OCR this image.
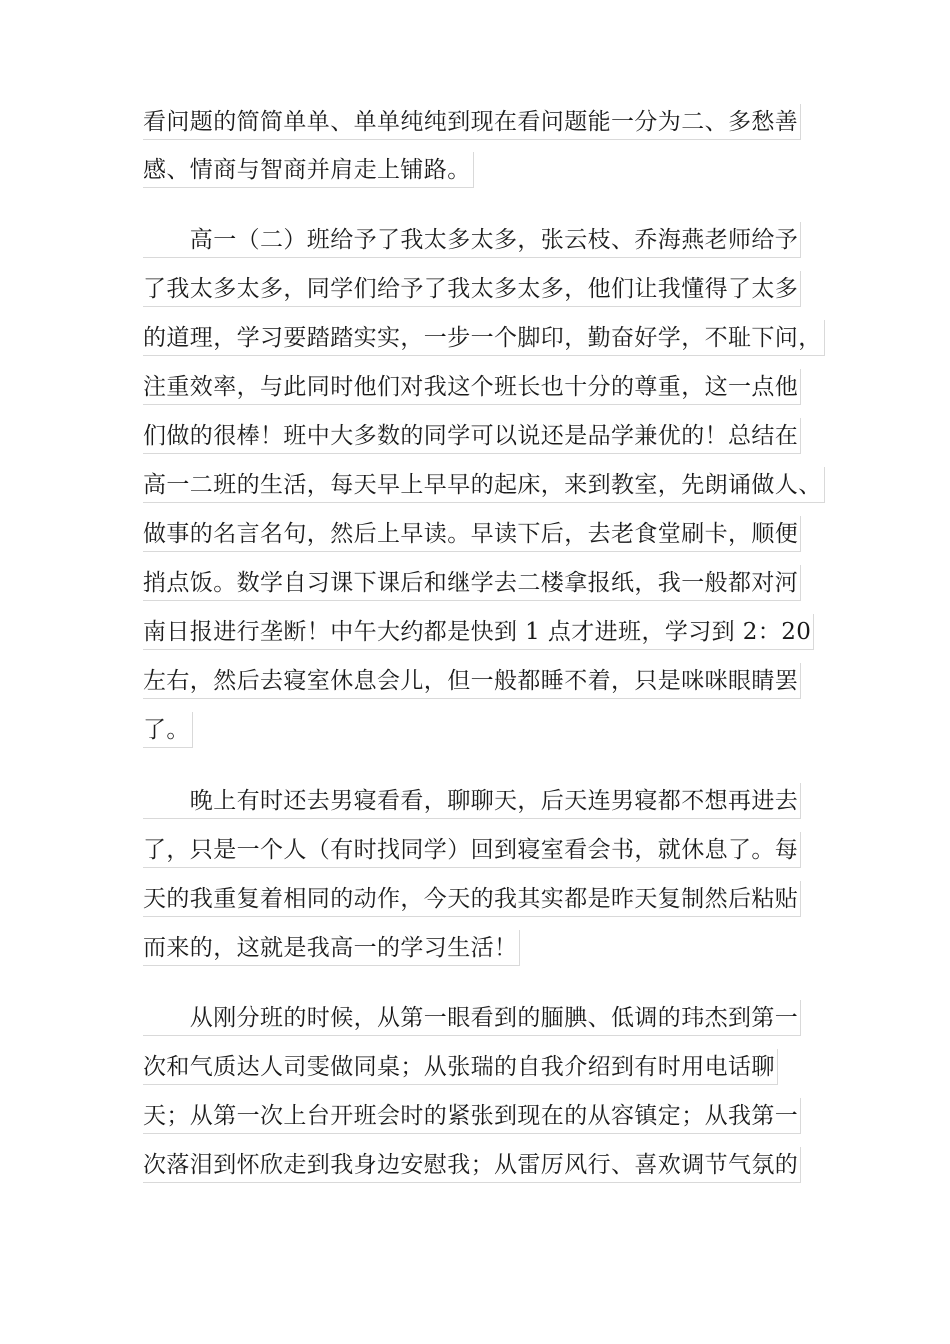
看问题的简简单单、单单纯纯到现在看问题能一分为二、多愁善
感、情商与智商并肩走上铺路。
　　高一（二）班给予了我太多太多，张云枝、乔海燕老师给予
了我太多太多，同学们给予了我太多太多，他们让我懂得了太多
的道理，学习要踏踏实实，一步一个脚印，勤奋好学，不耻下问，
注重效率，与此同时他们对我这个班长也十分的尊重，这一点他
们做的很棒！班中大多数的同学可以说还是品学兼优的！总结在
高一二班的生活，每天早上早早的起床，来到教室，先朗诵做人、
做事的名言名句，然后上早读。早读下后，去老食堂刷卡，顺便
捎点饭。数学自习课下课后和继学去二楼拿报纸，我一般都对河
南日报进行垄断！中午大约都是快到 1 点才进班，学习到 2：20
左右，然后去寝室休息会儿，但一般都睡不着，只是咪咪眼睛罢
了。
　　晚上有时还去男寝看看，聊聊天，后天连男寝都不想再进去
了，只是一个人（有时找同学）回到寝室看会书，就休息了。每
天的我重复着相同的动作，今天的我其实都是昨天复制然后粘贴
而来的，这就是我高一的学习生活！
　　从刚分班的时候，从第一眼看到的腼腆、低调的玮杰到第一
次和气质达人司雯做同桌；从张瑞的自我介绍到有时用电话聊
天；从第一次上台开班会时的紧张到现在的从容镇定；从我第一
次落泪到怀欣走到我身边安慰我；从雷厉风行、喜欢调节气氛的
